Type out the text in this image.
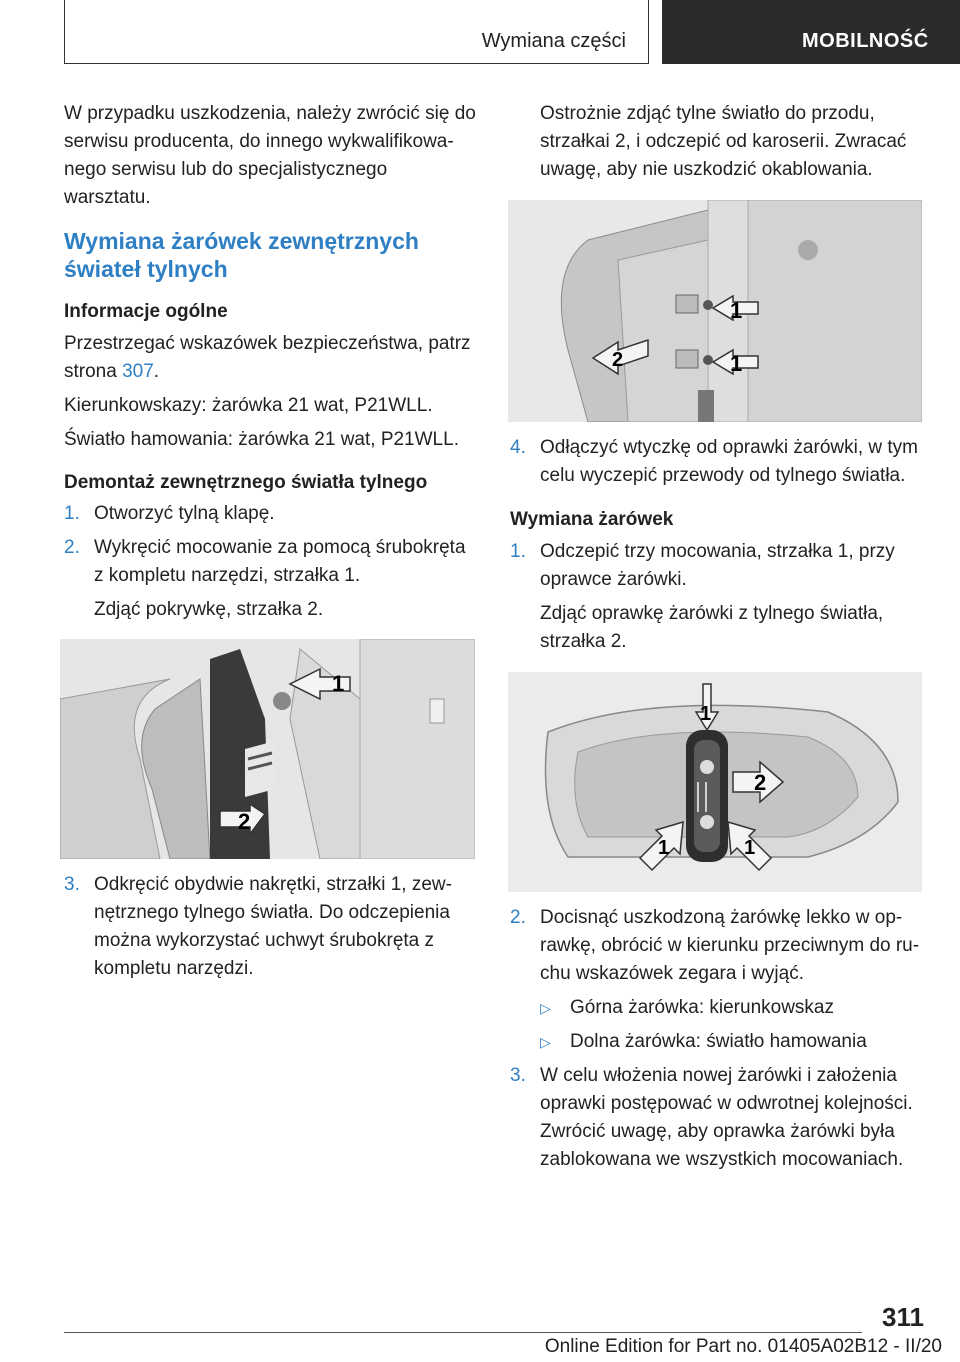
Wymiana części	MOBILNOŚĆ

W przypadku uszkodzenia, należy zwrócić się do serwisu producenta, do innego wykwalifikowanego serwisu lub do specjalistycznego warsztatu.

Wymiana żarówek zewnętrznych świateł tylnych

Informacje ogólne

Przestrzegać wskazówek bezpieczeństwa, patrz strona 307.

Kierunkowskazy: żarówka 21 wat, P21WLL.

Światło hamowania: żarówka 21 wat, P21WLL.

Demontaż zewnętrznego światła tylnego

1. Otworzyć tylną klapę.
2. Wykręcić mocowanie za pomocą śrubokręta z kompletu narzędzi, strzałka 1.

Zdjąć pokrywkę, strzałka 2.

1
2
3. Odkręcić obydwie nakrętki, strzałki 1, zewnętrznego tylnego światła. Do odczepienia można wykorzystać uchwyt śrubokręta z kompletu narzędzi.

Ostrożnie zdjąć tylne światło do przodu, strzałkai 2, i odczepić od karoserii. Zwracać uwagę, aby nie uszkodzić okablowania.

1
1
2
4. Odłączyć wtyczkę od oprawki żarówki, w tym celu wyczepić przewody od tylnego światła.

Wymiana żarówek

1. Odczepić trzy mocowania, strzałka 1, przy oprawce żarówki.

Zdjąć oprawkę żarówki z tylnego światła, strzałka 2.

1
2
1	1
2. Docisnąć uszkodzoną żarówkę lekko w oprawkę, obrócić w kierunku przeciwnym do ruchu wskazówek zegara i wyjąć.
▷ Górna żarówka: kierunkowskaz
▷ Dolna żarówka: światło hamowania
3. W celu włożenia nowej żarówki i założenia oprawki postępować w odwrotnej kolejności. Zwrócić uwagę, aby oprawka żarówki była zablokowana we wszystkich mocowaniach.
311
Online Edition for Part no. 01405A02B12 - II/20
